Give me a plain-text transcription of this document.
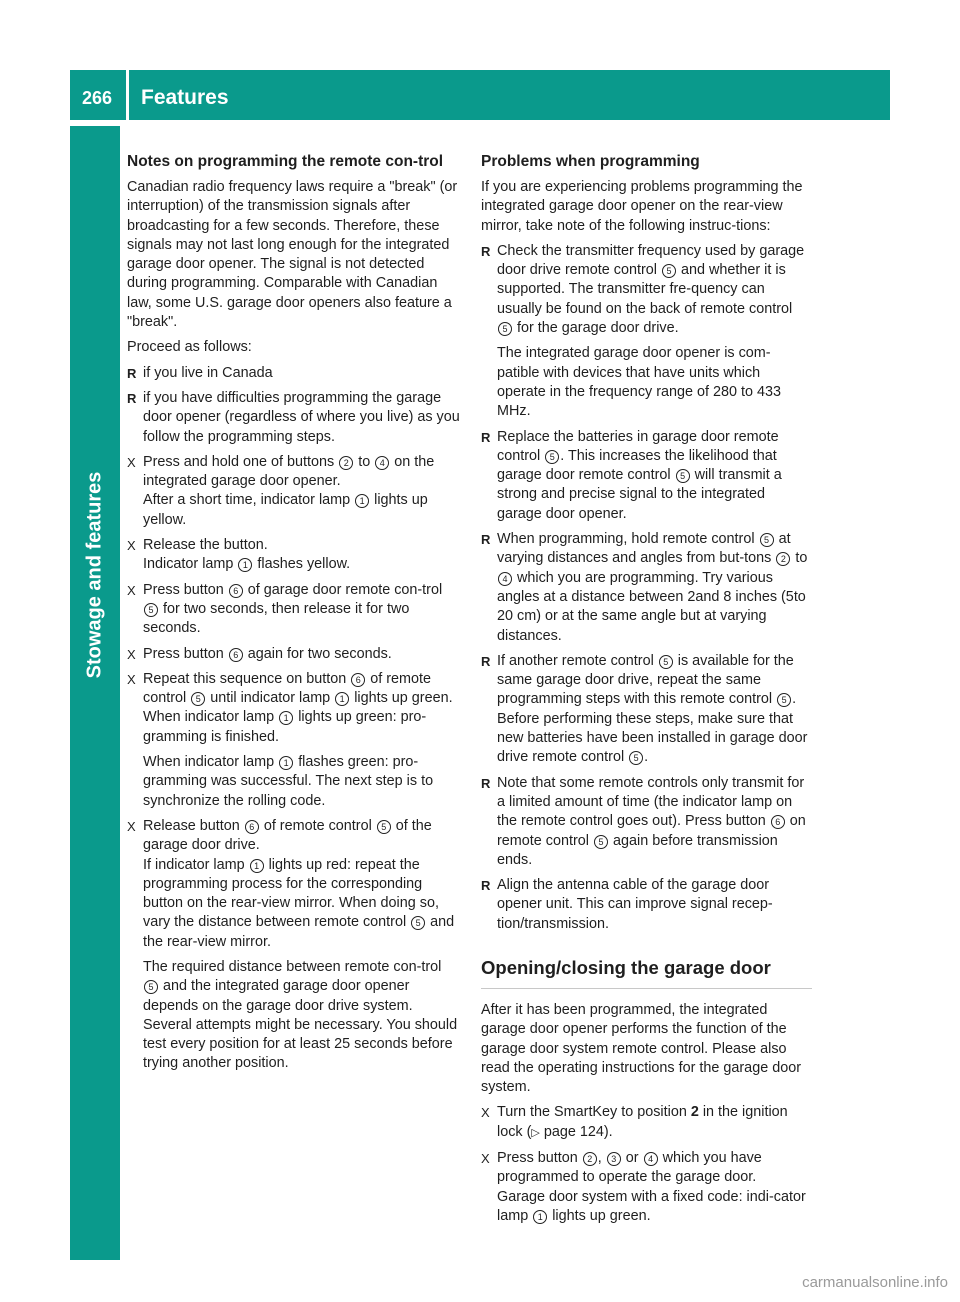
266 Features
Stowage and features
carmanualsonline.info
Notes on programming the remote con-trol

Canadian radio frequency laws require a "break" (or interruption) of the transmission signals after broadcasting for a few seconds. Therefore, these signals may not last long enough for the integrated garage door opener. The signal is not detected during programming. Comparable with Canadian law, some U.S. garage door openers also feature a "break".

Proceed as follows:

R if you live in Canada
R if you have difficulties programming the garage door opener (regardless of where you live) as you follow the programming steps.
X Press and hold one of buttons 2 to 4 on the integrated garage door opener.
After a short time, indicator lamp 1 lights up yellow.

X Release the button.
Indicator lamp 1 flashes yellow.

X Press button 6 of garage door remote con-trol 5 for two seconds, then release it for two seconds.

X Press button 6 again for two seconds.

X Repeat this sequence on button 6 of remote control 5 until indicator lamp 1 lights up green.
When indicator lamp 1 lights up green: pro-gramming is finished.

When indicator lamp 1 flashes green: pro-gramming was successful. The next step is to synchronize the rolling code.

X Release button 6 of remote control 5 of the garage door drive.
If indicator lamp 1 lights up red: repeat the programming process for the corresponding button on the rear-view mirror. When doing so, vary the distance between remote control 5 and the rear-view mirror.

The required distance between remote con-trol 5 and the integrated garage door opener depends on the garage door drive system. Several attempts might be necessary. You should test every position for at least 25 seconds before trying another position.

Problems when programming

If you are experiencing problems programming the integrated garage door opener on the rear-view mirror, take note of the following instruc-tions:

R Check the transmitter frequency used by garage door drive remote control 5 and whether it is supported. The transmitter fre-quency can usually be found on the back of remote control 5 for the garage door drive.

The integrated garage door opener is com-patible with devices that have units which operate in the frequency range of 280 to 433 MHz.

R Replace the batteries in garage door remote control 5 . This increases the likelihood that garage door remote control 5 will transmit a strong and precise signal to the integrated garage door opener.

R When programming, hold remote control 5 at varying distances and angles from but-tons 2 to 4 which you are programming. Try various angles at a distance between 2and 8 inches (5to 20 cm) or at the same angle but at varying distances.

R If another remote control 5 is available for the same garage door drive, repeat the same programming steps with this remote control 5 . Before performing these steps, make sure that new batteries have been installed in garage door drive remote control 5 .

R Note that some remote controls only transmit for a limited amount of time (the indicator lamp on the remote control goes out). Press button 6 on remote control 5 again before transmission ends.

R Align the antenna cable of the garage door opener unit. This can improve signal recep-tion/transmission.

Opening/closing the garage door

After it has been programmed, the integrated garage door opener performs the function of the garage door system remote control. Please also read the operating instructions for the garage door system.

X Turn the SmartKey to position 2 in the ignition lock (▷ page 124).

X Press button 2 , 3 or 4 which you have programmed to operate the garage door.
Garage door system with a fixed code: indi-cator lamp 1 lights up green.
